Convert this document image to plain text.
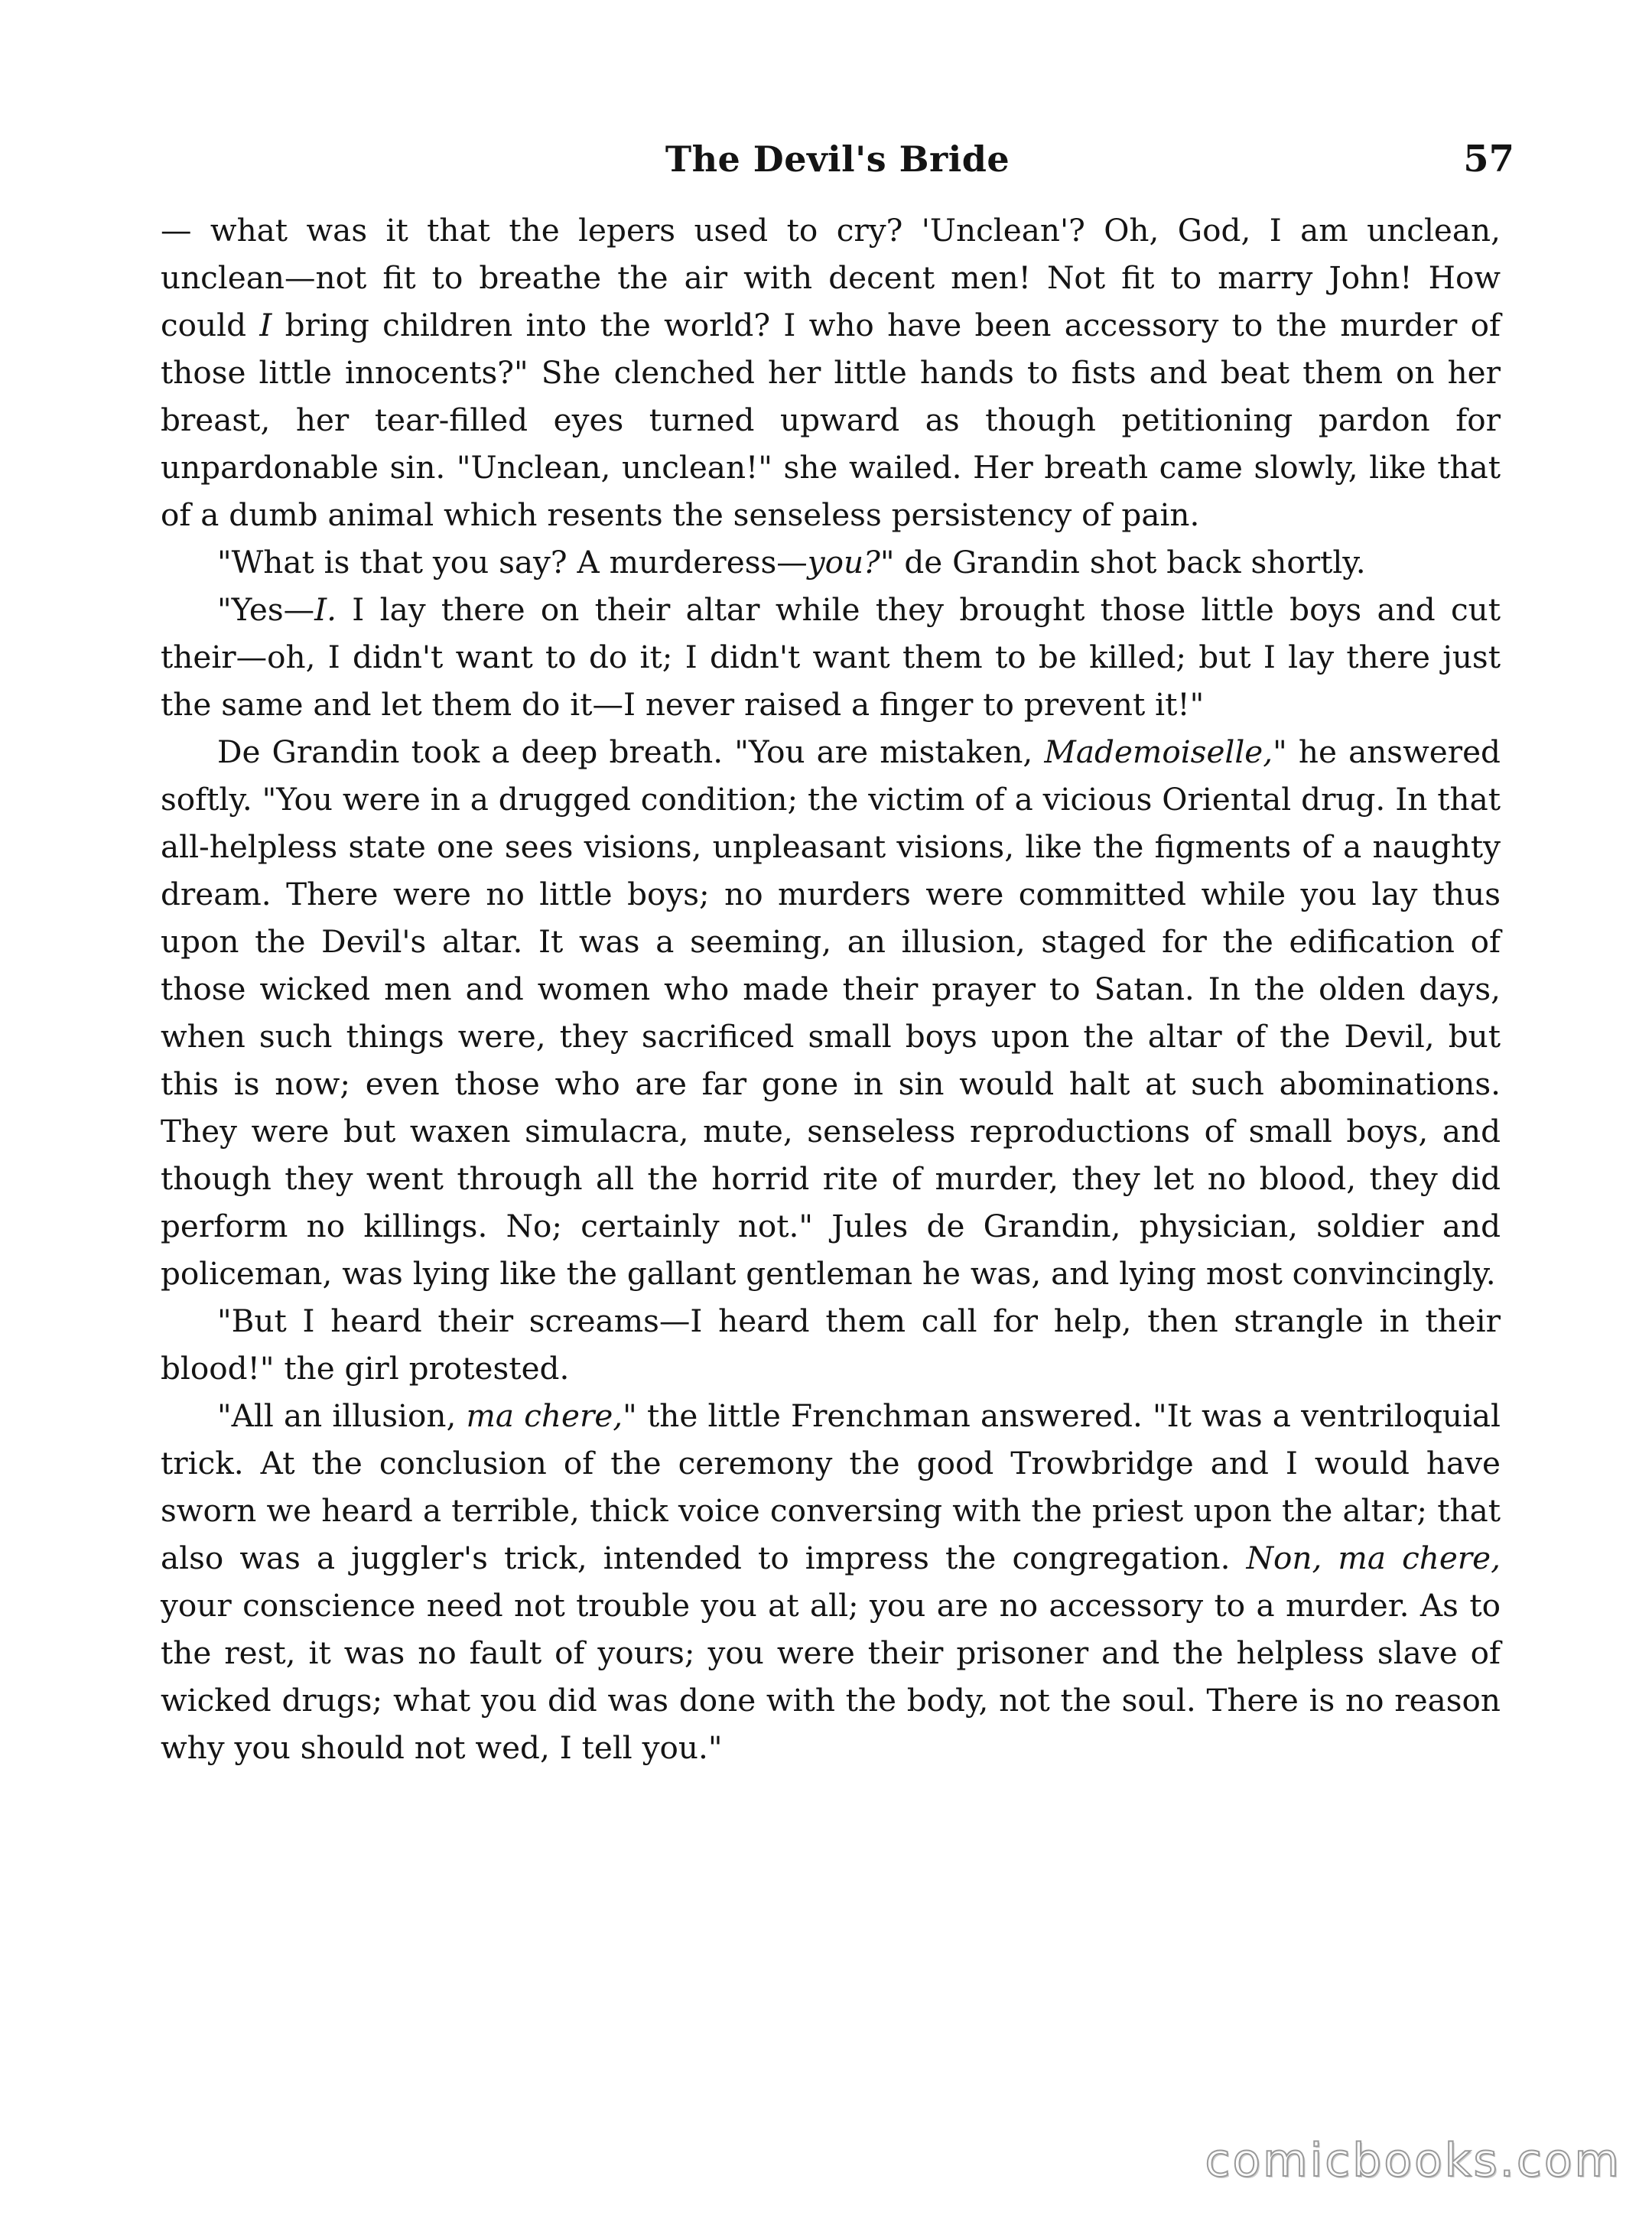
The Devil's Bride	57

— what was it that the lepers used to cry? 'Unclean'? Oh, God, I am unclean, unclean—not fit to breathe the air with decent men! Not fit to marry John! How could I bring children into the world? I who have been accessory to the murder of those little innocents?" She clenched her little hands to fists and beat them on her breast, her tear-filled eyes turned upward as though petitioning pardon for unpardonable sin. "Unclean, unclean!" she wailed. Her breath came slowly, like that of a dumb animal which resents the senseless persistency of pain.

"What is that you say? A murderess—you?" de Grandin shot back shortly.

"Yes—I. I lay there on their altar while they brought those little boys and cut their—oh, I didn't want to do it; I didn't want them to be killed; but I lay there just the same and let them do it—I never raised a finger to prevent it!"

De Grandin took a deep breath. "You are mistaken, Mademoiselle," he answered softly. "You were in a drugged condition; the victim of a vicious Oriental drug. In that all-helpless state one sees visions, unpleasant visions, like the figments of a naughty dream. There were no little boys; no murders were committed while you lay thus upon the Devil's altar. It was a seeming, an illusion, staged for the edification of those wicked men and women who made their prayer to Satan. In the olden days, when such things were, they sacrificed small boys upon the altar of the Devil, but this is now; even those who are far gone in sin would halt at such abominations. They were but waxen simulacra, mute, senseless reproductions of small boys, and though they went through all the horrid rite of murder, they let no blood, they did perform no killings. No; certainly not." Jules de Grandin, physician, soldier and policeman, was lying like the gallant gentleman he was, and lying most convincingly.

"But I heard their screams—I heard them call for help, then strangle in their blood!" the girl protested.

"All an illusion, ma chere," the little Frenchman answered. "It was a ventriloquial trick. At the conclusion of the ceremony the good Trowbridge and I would have sworn we heard a terrible, thick voice conversing with the priest upon the altar; that also was a juggler's trick, intended to impress the congregation. Non, ma chere, your conscience need not trouble you at all; you are no accessory to a murder. As to the rest, it was no fault of yours; you were their prisoner and the helpless slave of wicked drugs; what you did was done with the body, not the soul. There is no reason why you should not wed, I tell you."

comicbooks.com
